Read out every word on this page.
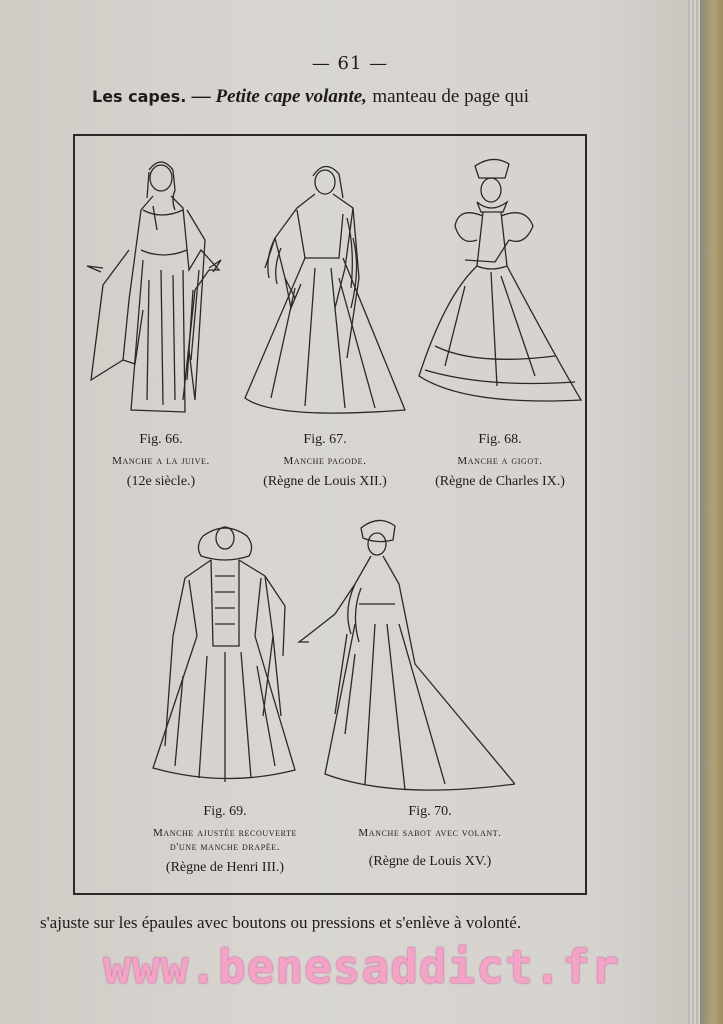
— 61 —
Les capes. — Petite cape volante, manteau de page qui
Fig. 66.
Manche a la juive.
(12e siècle.)
Fig. 67.
Manche pagode.
(Règne de Louis XII.)
Fig. 68.
Manche a gigot.
(Règne de Charles IX.)
Fig. 69.
Manche ajustée recouverte
d'une manche drapée.
(Règne de Henri III.)
Fig. 70.
Manche sabot avec volant.
(Règne de Louis XV.)
s'ajuste sur les épaules avec boutons ou pressions et s'enlève à volonté.
www.benesaddict.fr
